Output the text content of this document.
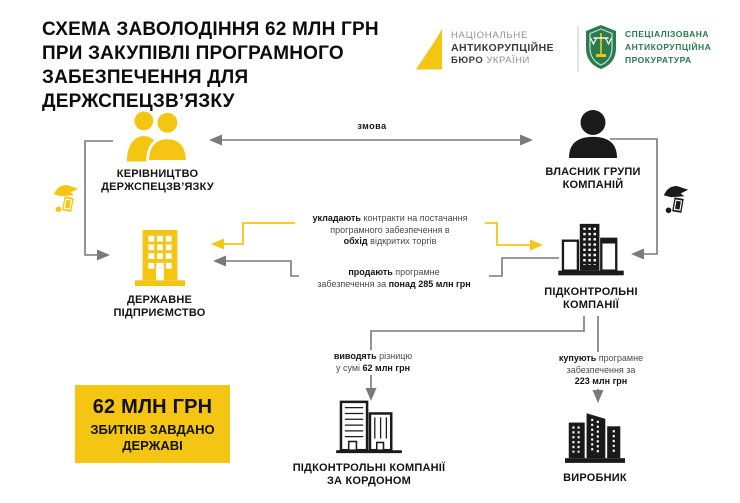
СХЕМА ЗАВОЛОДІННЯ 62 МЛН ГРН
ПРИ ЗАКУПІВЛІ ПРОГРАМНОГО
ЗАБЕЗПЕЧЕННЯ ДЛЯ ДЕРЖСПЕЦЗВ’ЯЗКУ
НАЦІОНАЛЬНЕ
АНТИКОРУПЦІЙНЕ
БЮРО УКРАЇНИ
СПЕЦІАЛІЗОВАНА
АНТИКОРУПЦІЙНА
ПРОКУРАТУРА
змова
укладають контракти на постачання
програмного забезпечення в
обхід відкритих торгів
продають програмне
забезпечення за понад 285 млн грн
виводять різницю
у сумі 62 млн грн
купують програмне
забезпечення за
223 млн грн
КЕРІВНИЦТВО ДЕРЖСПЕЦЗВ’ЯЗКУ
ВЛАСНИК ГРУПИ КОМПАНІЙ
ДЕРЖАВНЕ ПІДПРИЄМСТВО
ПІДКОНТРОЛЬНІ КОМПАНІЇ
ПІДКОНТРОЛЬНІ КОМПАНІЇ ЗА КОРДОНОМ	ВИРОБНИК
62 МЛН ГРН
ЗБИТКІВ ЗАВДАНО
ДЕРЖАВІ
